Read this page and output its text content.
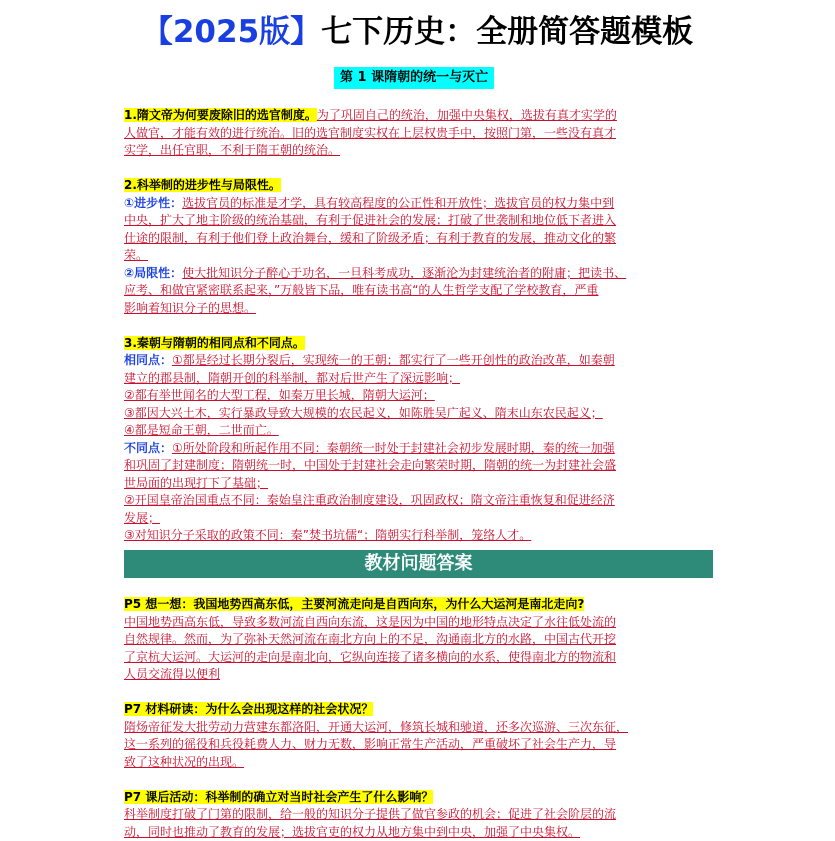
【2025版】七下历史：全册简答题模板
第 1 课隋朝的统一与灭亡
1.隋文帝为何要废除旧的选官制度。为了巩固自己的统治，加强中央集权，选拔有真才实学的
人做官，才能有效的进行统治。旧的选官制度实权在上层权贵手中，按照门第，一些没有真才
实学，出任官职，不利于隋王朝的统治。
2.科举制的进步性与局限性。
①进步性：选拔官员的标准是才学，具有较高程度的公正性和开放性；选拔官员的权力集中到
中央，扩大了地主阶级的统治基础，有利于促进社会的发展；打破了世袭制和地位低下者进入
仕途的限制，有利于他们登上政治舞台，缓和了阶级矛盾；有利于教育的发展，推动文化的繁
荣。
②局限性：使大批知识分子醉心于功名，一旦科考成功，逐渐沦为封建统治者的附庸；把读书、
应考、和做官紧密联系起来，”万般皆下品，唯有读书高“的人生哲学支配了学校教育，严重
影响着知识分子的思想。
3.秦朝与隋朝的相同点和不同点。
相同点：①都是经过长期分裂后，实现统一的王朝；都实行了一些开创性的政治改革，如秦朝
建立的郡县制，隋朝开创的科举制，都对后世产生了深远影响；
②都有举世闻名的大型工程，如秦万里长城，隋朝大运河；
③都因大兴土木，实行暴政导致大规模的农民起义，如陈胜吴广起义、隋末山东农民起义；
④都是短命王朝，二世而亡。
不同点：①所处阶段和所起作用不同：秦朝统一时处于封建社会初步发展时期，秦的统一加强
和巩固了封建制度；隋朝统一时，中国处于封建社会走向繁荣时期，隋朝的统一为封建社会盛
世局面的出现打下了基础；
②开国皇帝治国重点不同：秦始皇注重政治制度建设，巩固政权；隋文帝注重恢复和促进经济
发展；
③对知识分子采取的政策不同：秦”焚书坑儒“；隋朝实行科举制，笼络人才。
教材问题答案
P5 想一想：我国地势西高东低，主要河流走向是自西向东，为什么大运河是南北走向?
中国地势西高东低，导致多数河流自西向东流，这是因为中国的地形特点决定了水往低处流的
自然规律。然而，为了弥补天然河流在南北方向上的不足，沟通南北方的水路，中国古代开挖
了京杭大运河。大运河的走向是南北向，它纵向连接了诸多横向的水系，使得南北方的物流和
人员交流得以便利
P7 材料研读：为什么会出现这样的社会状况？
隋炀帝征发大批劳动力营建东都洛阳，开通大运河，修筑长城和驰道，还多次巡游、三次东征，
这一系列的徭役和兵役耗费人力、财力无数，影响正常生产活动，严重破坏了社会生产力，导
致了这种状况的出现。
P7 课后活动：科举制的确立对当时社会产生了什么影响？
科举制度打破了门第的限制，给一般的知识分子提供了做官参政的机会；促进了社会阶层的流
动，同时也推动了教育的发展；选拔官吏的权力从地方集中到中央，加强了中央集权。
